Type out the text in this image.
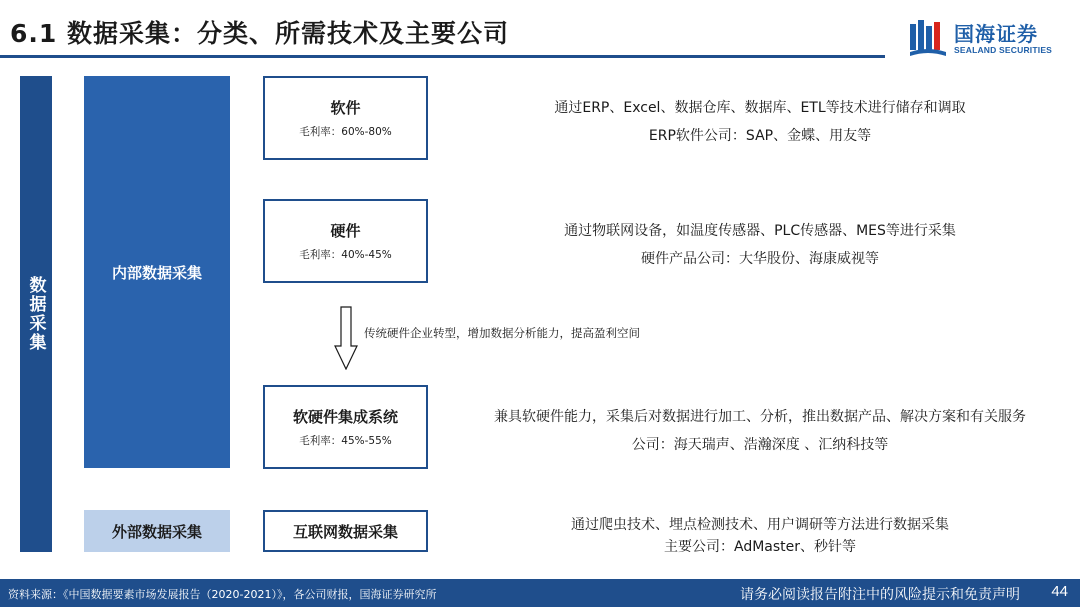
6.1 数据采集：分类、所需技术及主要公司	国海证券
SEALAND SECURITIES
数据采集
内部数据采集
外部数据采集
软件
毛利率：60%-80%
硬件
毛利率：40%-45%
软硬件集成系统
毛利率：45%-55%
互联网数据采集
通过ERP、Excel、数据仓库、数据库、ETL等技术进行储存和调取
ERP软件公司：SAP、金蝶、用友等
通过物联网设备，如温度传感器、PLC传感器、MES等进行采集
硬件产品公司：大华股份、海康威视等
兼具软硬件能力，采集后对数据进行加工、分析，推出数据产品、解决方案和有关服务
公司：海天瑞声、浩瀚深度 、汇纳科技等
通过爬虫技术、埋点检测技术、用户调研等方法进行数据采集
主要公司：AdMaster、秒针等
传统硬件企业转型，增加数据分析能力，提高盈利空间
资料来源：《中国数据要素市场发展报告（2020-2021）》，各公司财报，国海证券研究所	请务必阅读报告附注中的风险提示和免责声明 44
